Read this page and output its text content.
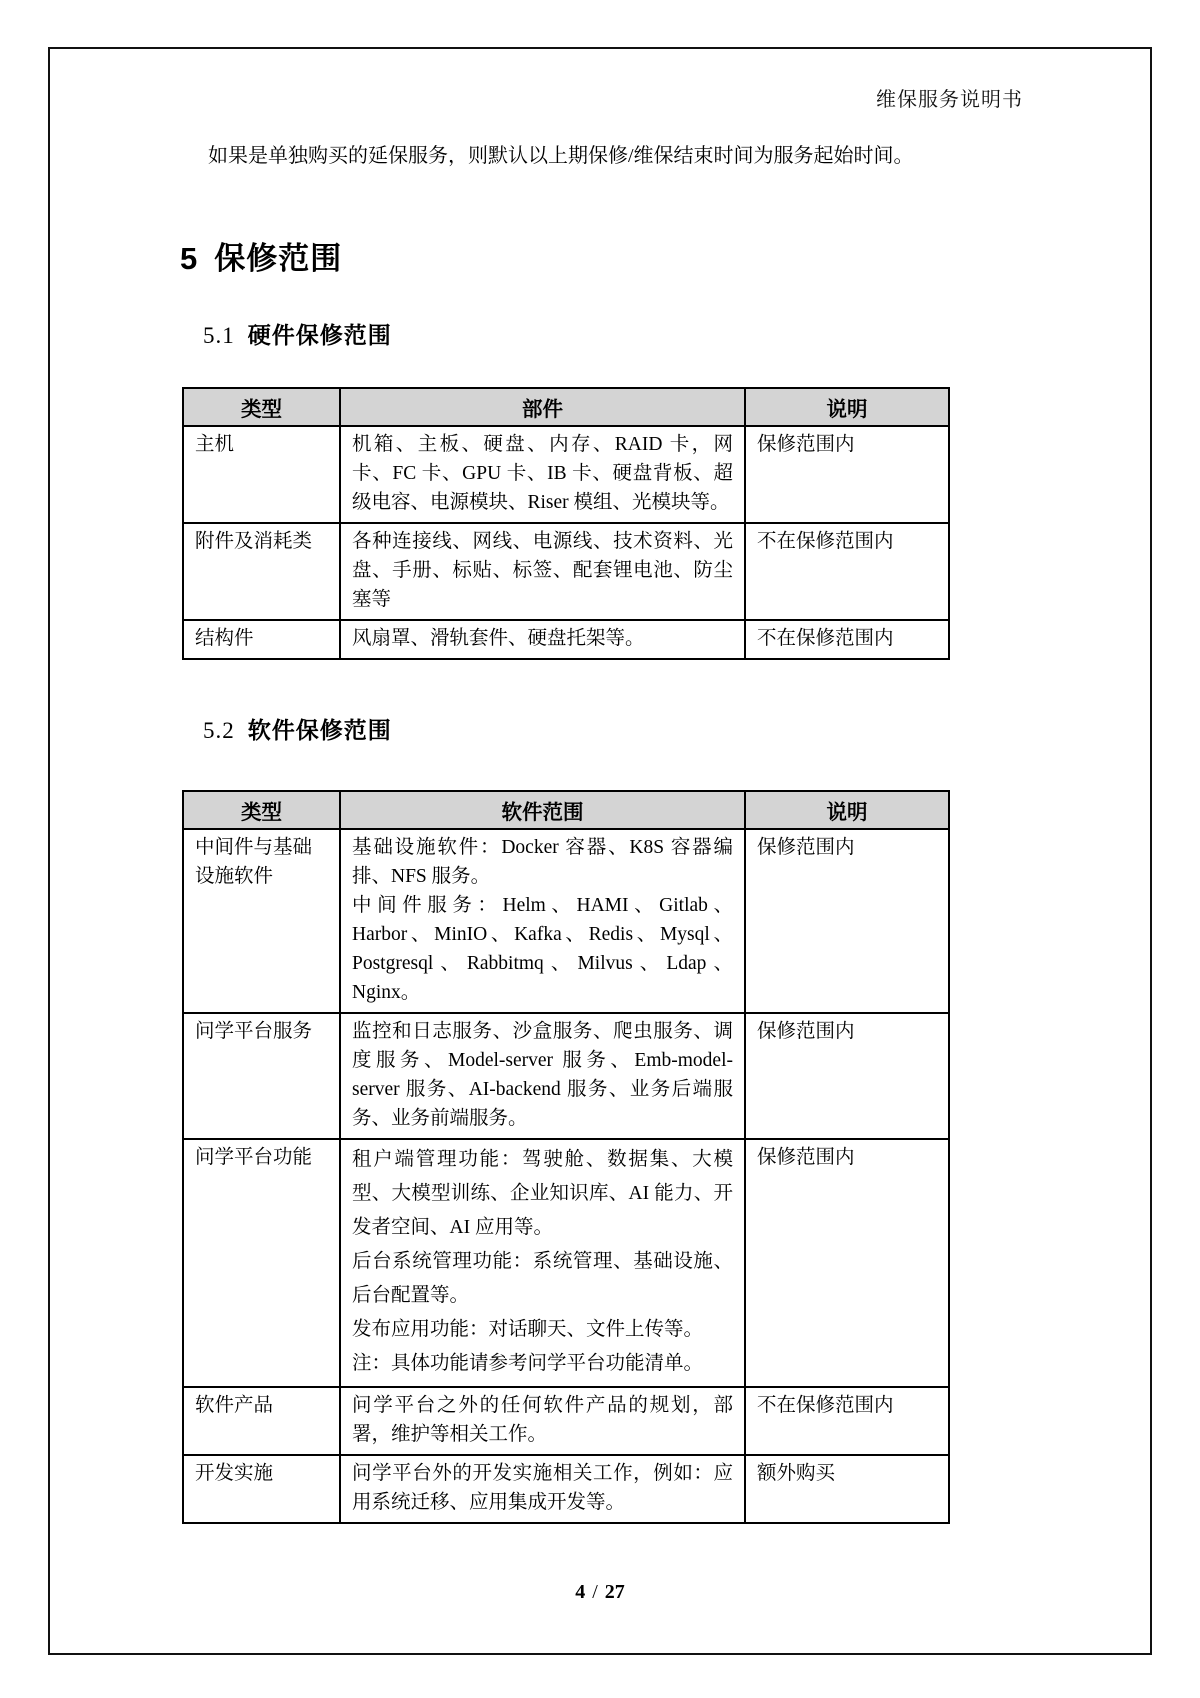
维保服务说明书

如果是单独购买的延保服务，则默认以上期保修/维保结束时间为服务起始时间。

5 保修范围
5.1 硬件保修范围
类型	部件	说明
主机	机箱、主板、硬盘、内存、RAID 卡，网卡、FC 卡、GPU 卡、IB 卡、硬盘背板、超级电容、电源模块、Riser 模组、光模块等。	保修范围内
附件及消耗类	各种连接线、网线、电源线、技术资料、光盘、手册、标贴、标签、配套锂电池、防尘塞等	不在保修范围内
结构件	风扇罩、滑轨套件、硬盘托架等。	不在保修范围内
5.2 软件保修范围
类型	软件范围	说明
中间件与基础设施软件	基础设施软件：Docker 容器、K8S 容器编排、NFS 服务。

中间件服务：Helm、HAMI、Gitlab、Harbor、MinIO、Kafka、Redis、Mysql、Postgresql、Rabbitmq、Milvus、Ldap、Nginx。	保修范围内
问学平台服务	监控和日志服务、沙盒服务、爬虫服务、调度服务、Model-server 服务、Emb-model-server 服务、AI-backend 服务、业务后端服务、业务前端服务。	保修范围内
问学平台功能	租户端管理功能：驾驶舱、数据集、大模型、大模型训练、企业知识库、AI 能力、开发者空间、AI 应用等。

后台系统管理功能：系统管理、基础设施、后台配置等。

发布应用功能：对话聊天、文件上传等。

注：具体功能请参考问学平台功能清单。	保修范围内
软件产品	问学平台之外的任何软件产品的规划，部署，维护等相关工作。	不在保修范围内
开发实施	问学平台外的开发实施相关工作，例如：应用系统迁移、应用集成开发等。	额外购买
4 / 27
